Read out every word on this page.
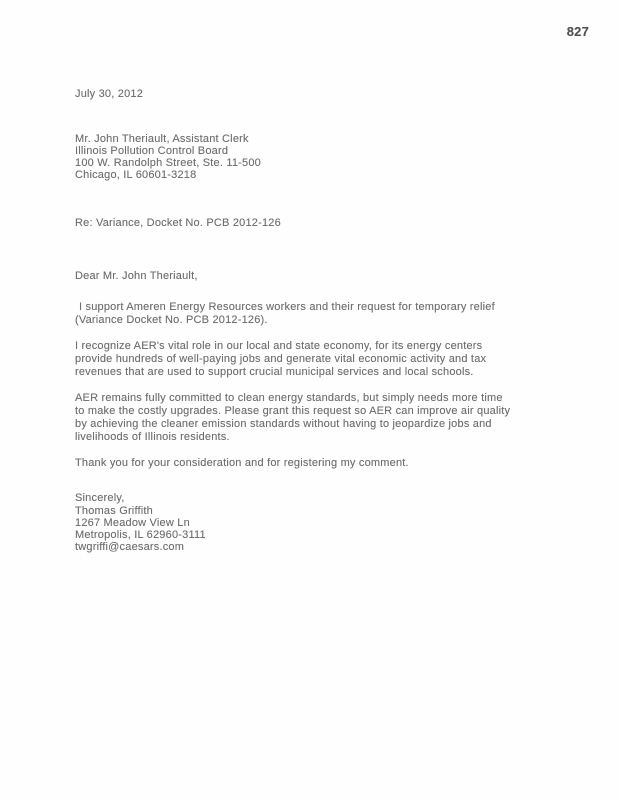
827
July 30, 2012
Mr. John Theriault, Assistant Clerk
Illinois Pollution Control Board
100 W. Randolph Street, Ste. 11-500
Chicago, IL 60601-3218
Re: Variance, Docket No. PCB 2012-126
Dear Mr. John Theriault,

I support Ameren Energy Resources workers and their request for temporary relief (Variance Docket No. PCB 2012-126).

I recognize AER's vital role in our local and state economy, for its energy centers provide hundreds of well-paying jobs and generate vital economic activity and tax revenues that are used to support crucial municipal services and local schools.

AER remains fully committed to clean energy standards, but simply needs more time to make the costly upgrades. Please grant this request so AER can improve air quality by achieving the cleaner emission standards without having to jeopardize jobs and livelihoods of Illinois residents.

Thank you for your consideration and for registering my comment.

Sincerely,
Thomas Griffith
1267 Meadow View Ln
Metropolis, IL 62960-3111
twgriffi@caesars.com
